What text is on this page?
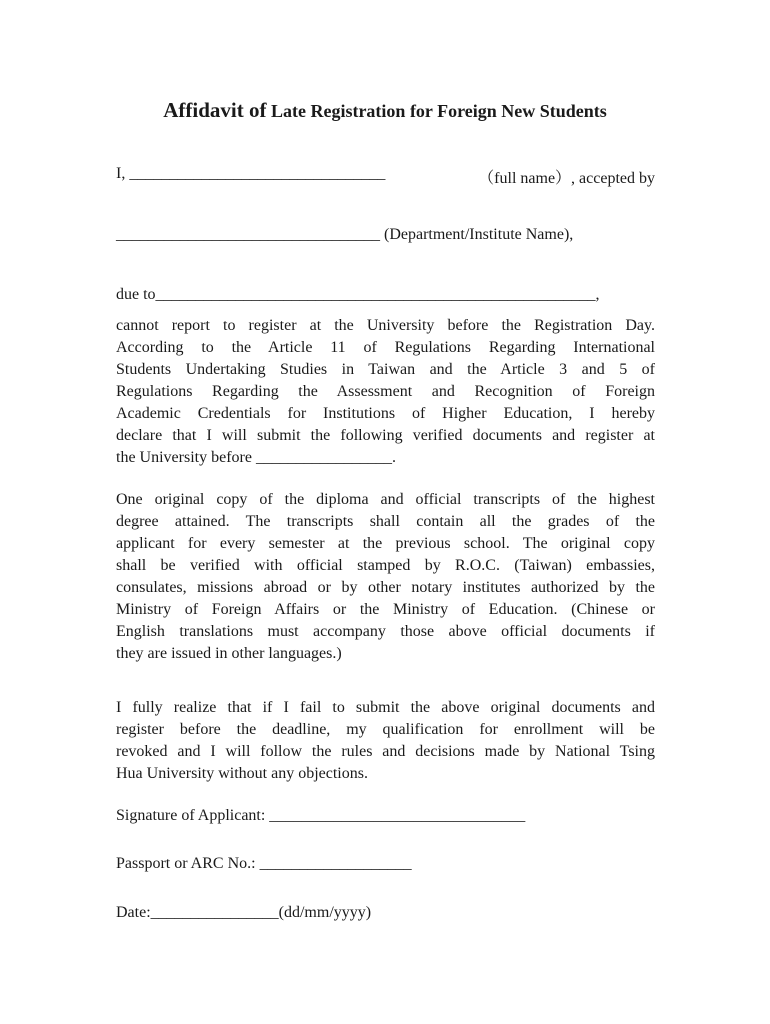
Affidavit of Late Registration for Foreign New Students
I, ________________________________	（full name）, accepted by
_________________________________ (Department/Institute Name),
due to_______________________________________________________,
cannot report to register at the University before the Registration Day.
According to the Article 11 of Regulations Regarding International
Students Undertaking Studies in Taiwan and the Article 3 and 5 of
Regulations Regarding the Assessment and Recognition of Foreign
Academic Credentials for Institutions of Higher Education, I hereby
declare that I will submit the following verified documents and register at
the University before _________________.
One original copy of the diploma and official transcripts of the highest
degree attained. The transcripts shall contain all the grades of the
applicant for every semester at the previous school. The original copy
shall be verified with official stamped by R.O.C. (Taiwan) embassies,
consulates, missions abroad or by other notary institutes authorized by the
Ministry of Foreign Affairs or the Ministry of Education. (Chinese or
English translations must accompany those above official documents if
they are issued in other languages.)
I fully realize that if I fail to submit the above original documents and
register before the deadline, my qualification for enrollment will be
revoked and I will follow the rules and decisions made by National Tsing
Hua University without any objections.
Signature of Applicant: ________________________________
Passport or ARC No.: ___________________
Date:________________(dd/mm/yyyy)
